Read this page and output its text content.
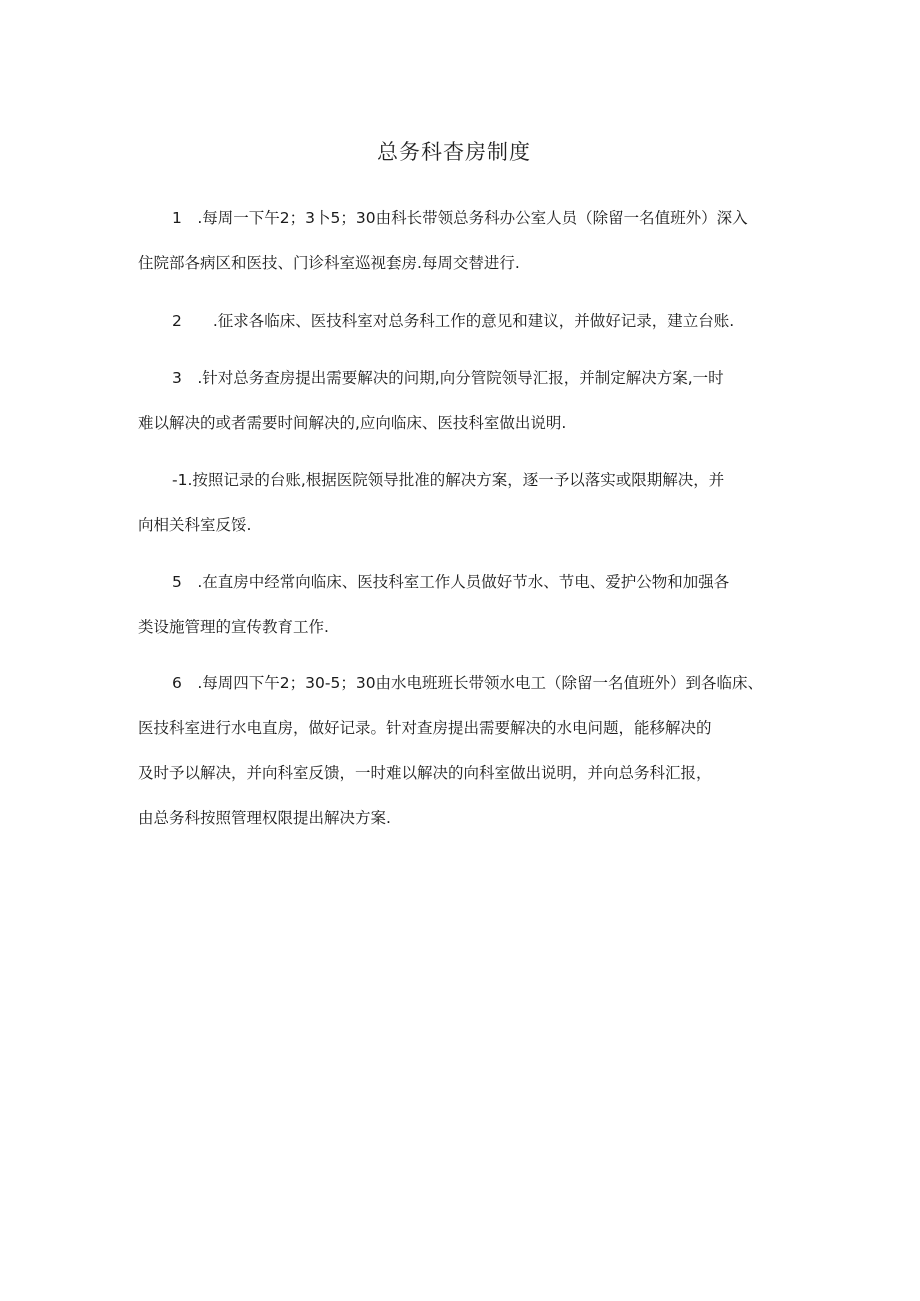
总务科杳房制度

1　.每周一下午2；3卜5；30由科长带领总务科办公室人员（除留一名值班外）深入
住院部各病区和医技、门诊科室巡视套房.每周交替进行.

2　　.征求各临床、医技科室对总务科工作的意见和建议，并做好记录，建立台账.

3　.针对总务查房提出需要解决的问期,向分管院领导汇报，并制定解决方案,一时
难以解决的或者需要时间解决的,应向临床、医技科室做出说明.

-1.按照记录的台账,根据医院领导批准的解决方案，逐一予以落实或限期解决，并
向相关科室反馁.

5　.在直房中经常向临床、医技科室工作人员做好节水、节电、爱护公物和加强各
类设施管理的宣传教育工作.

6　.每周四下午2；30-5；30由水电班班长带领水电工（除留一名值班外）到各临床、
医技科室进行水电直房，做好记录。针对查房提出需要解决的水电问题，能移解决的
及时予以解决，并向科室反馈，一时难以解决的向科室做出说明，并向总务科汇报，
由总务科按照管理权限提出解决方案.
